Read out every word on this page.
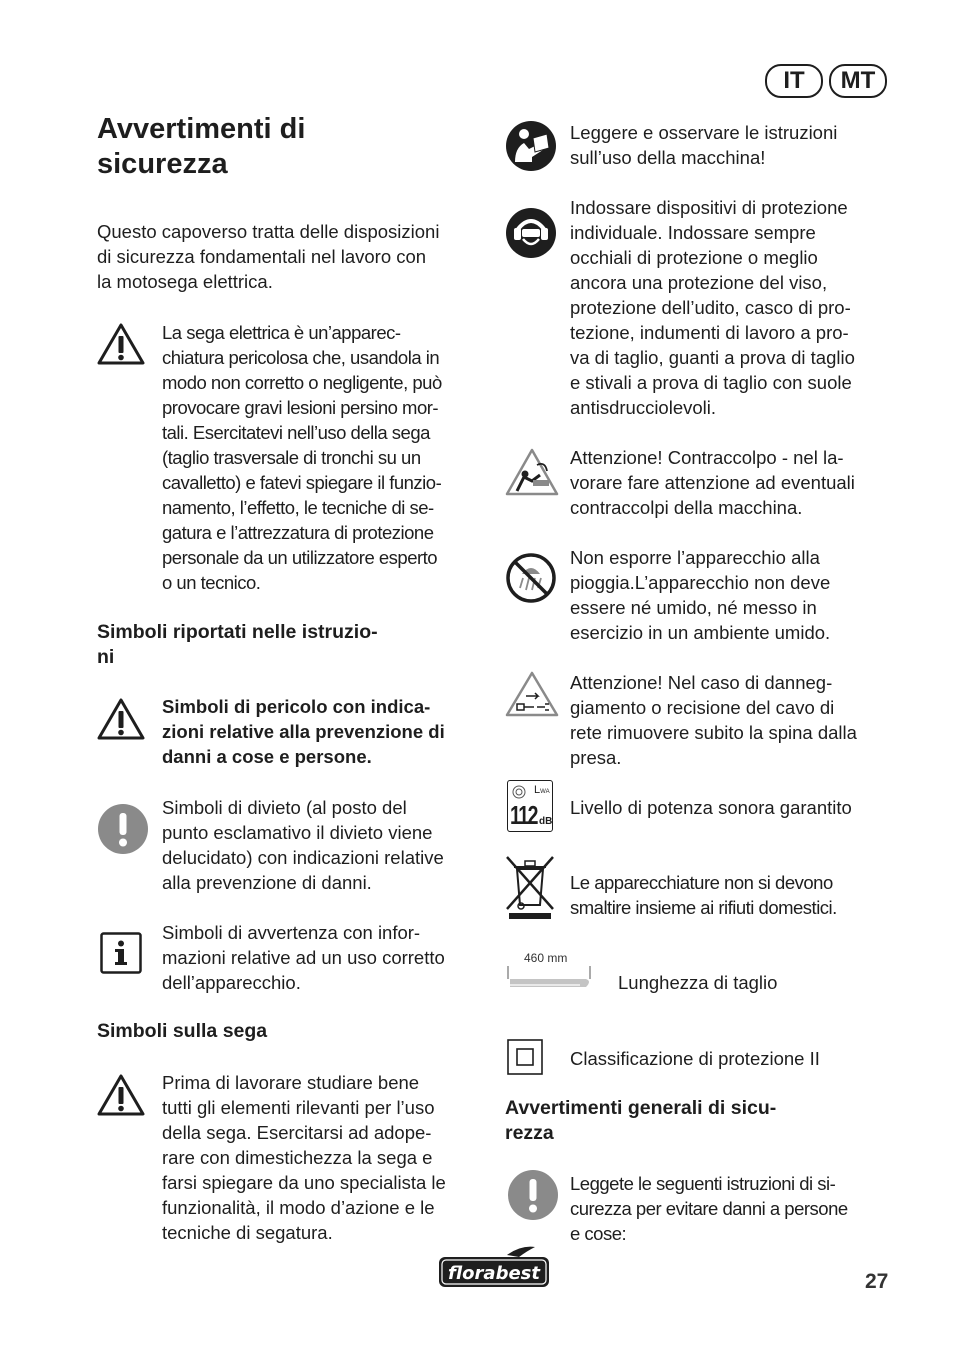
IT	MT
Avvertimenti di
sicurezza
Questo capoverso tratta delle disposizioni
di sicurezza fondamentali nel lavoro con
la motosega elettrica.
La sega elettrica è un’apparec-
chiatura pericolosa che, usandola in
modo non corretto o negligente, può
provocare gravi lesioni persino mor-
tali. Esercitatevi nell’uso della sega
(taglio trasversale di tronchi su un
cavalletto) e fatevi spiegare il funzio-
namento, l’effetto, le tecniche di se-
gatura e l’attrezzatura di protezione
personale da un utilizzatore esperto
o un tecnico.
Simboli riportati nelle istruzio-
ni
Simboli di pericolo con indica-
zioni relative alla prevenzione di
danni a cose e persone.
Simboli di divieto (al posto del
punto esclamativo il divieto viene
delucidato) con indicazioni relative
alla prevenzione di danni.
Simboli di avvertenza con infor-
mazioni relative ad un uso corretto
dell’apparecchio.
Simboli sulla sega
Prima di lavorare studiare bene
tutti gli elementi rilevanti per l’uso
della sega. Esercitarsi ad adope-
rare con dimestichezza la sega e
farsi spiegare da uno specialista le
funzionalità, il modo d’azione e le
tecniche di segatura.
Leggere e osservare le istruzioni
sull’uso della macchina!
Indossare dispositivi di protezione
individuale. Indossare sempre
occhiali di protezione o meglio
ancora una protezione del viso,
protezione dell’udito, casco di pro-
tezione, indumenti di lavoro a pro-
va di taglio, guanti a prova di taglio
e stivali a prova di taglio con suole
antisdrucciolevoli.
Attenzione! Contraccolpo - nel la-
vorare fare attenzione ad eventuali
contraccolpi della macchina.
Non esporre l’apparecchio alla
pioggia.L’apparecchio non deve
essere né umido, né messo in
esercizio in un ambiente umido.
Attenzione! Nel caso di danneg-
giamento o recisione del cavo di
rete rimuovere subito la spina dalla
presa.
LWA
112 dB
Livello di potenza sonora garantito
Le apparecchiature non si devono
smaltire insieme ai rifiuti domestici.
460 mm
Lunghezza di taglio
Classificazione di protezione II
Avvertimenti generali di sicu-
rezza
Leggete le seguenti istruzioni di si-
curezza per evitare danni a persone
e cose:
florabest	27
